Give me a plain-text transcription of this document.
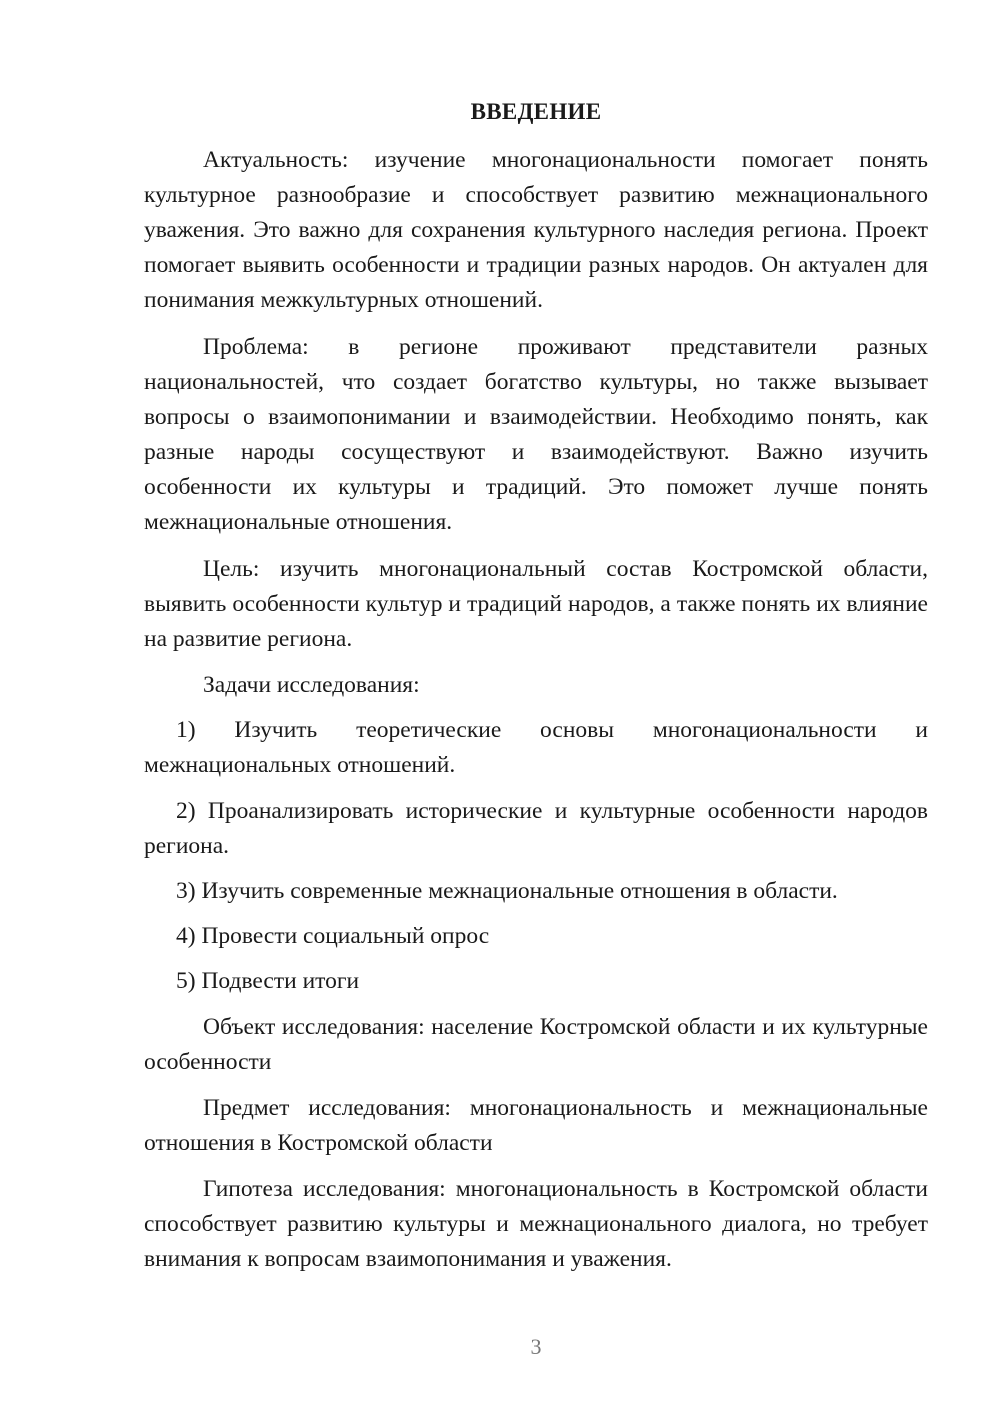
ВВЕДЕНИЕ

Актуальность: изучение многонациональности помогает понять культурное разнообразие и способствует развитию межнационального уважения. Это важно для сохранения культурного наследия региона. Проект помогает выявить особенности и традиции разных народов. Он актуален для понимания межкультурных отношений.

Проблема: в регионе проживают представители разных национальностей, что создает богатство культуры, но также вызывает вопросы о взаимопонимании и взаимодействии. Необходимо понять, как разные народы сосуществуют и взаимодействуют. Важно изучить особенности их культуры и традиций. Это поможет лучше понять межнациональные отношения.

Цель: изучить многонациональный состав Костромской области, выявить особенности культур и традиций народов, а также понять их влияние на развитие региона.

Задачи исследования:

1) Изучить теоретические основы многонациональности и межнациональных отношений.

2) Проанализировать исторические и культурные особенности народов региона.

3) Изучить современные межнациональные отношения в области.

4) Провести социальный опрос

5) Подвести итоги

Объект исследования: население Костромской области и их культурные особенности

Предмет исследования: многонациональность и межнациональные отношения в Костромской области

Гипотеза исследования: многонациональность в Костромской области способствует развитию культуры и межнационального диалога, но требует внимания к вопросам взаимопонимания и уважения.

3
